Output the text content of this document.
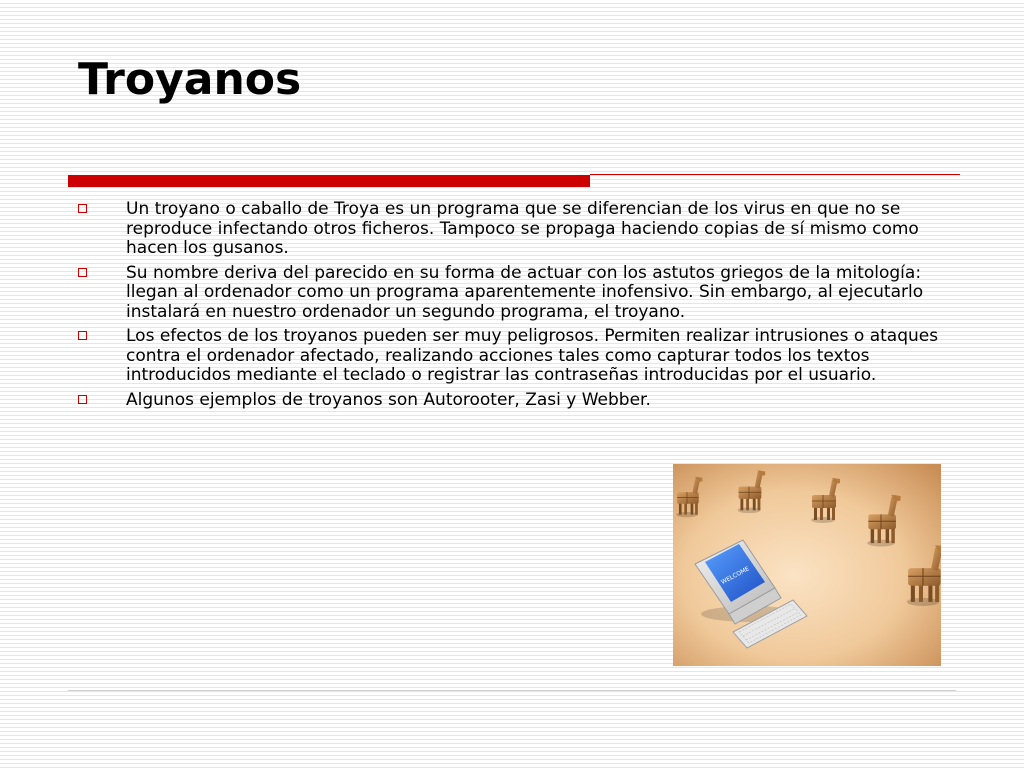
Troyanos
Un troyano o caballo de Troya es un programa que se diferencian de los virus en que no se reproduce infectando otros ficheros. Tampoco se propaga haciendo copias de sí mismo como hacen los gusanos.
Su nombre deriva del parecido en su forma de actuar con los astutos griegos de la mitología: llegan al ordenador como un programa aparentemente inofensivo. Sin embargo, al ejecutarlo instalará en nuestro ordenador un segundo programa, el troyano.
Los efectos de los troyanos pueden ser muy peligrosos. Permiten realizar intrusiones o ataques contra el ordenador afectado, realizando acciones tales como capturar todos los textos introducidos mediante el teclado o registrar las contraseñas introducidas por el usuario.
Algunos ejemplos de troyanos son Autorooter, Zasi y Webber.
WELCOME
